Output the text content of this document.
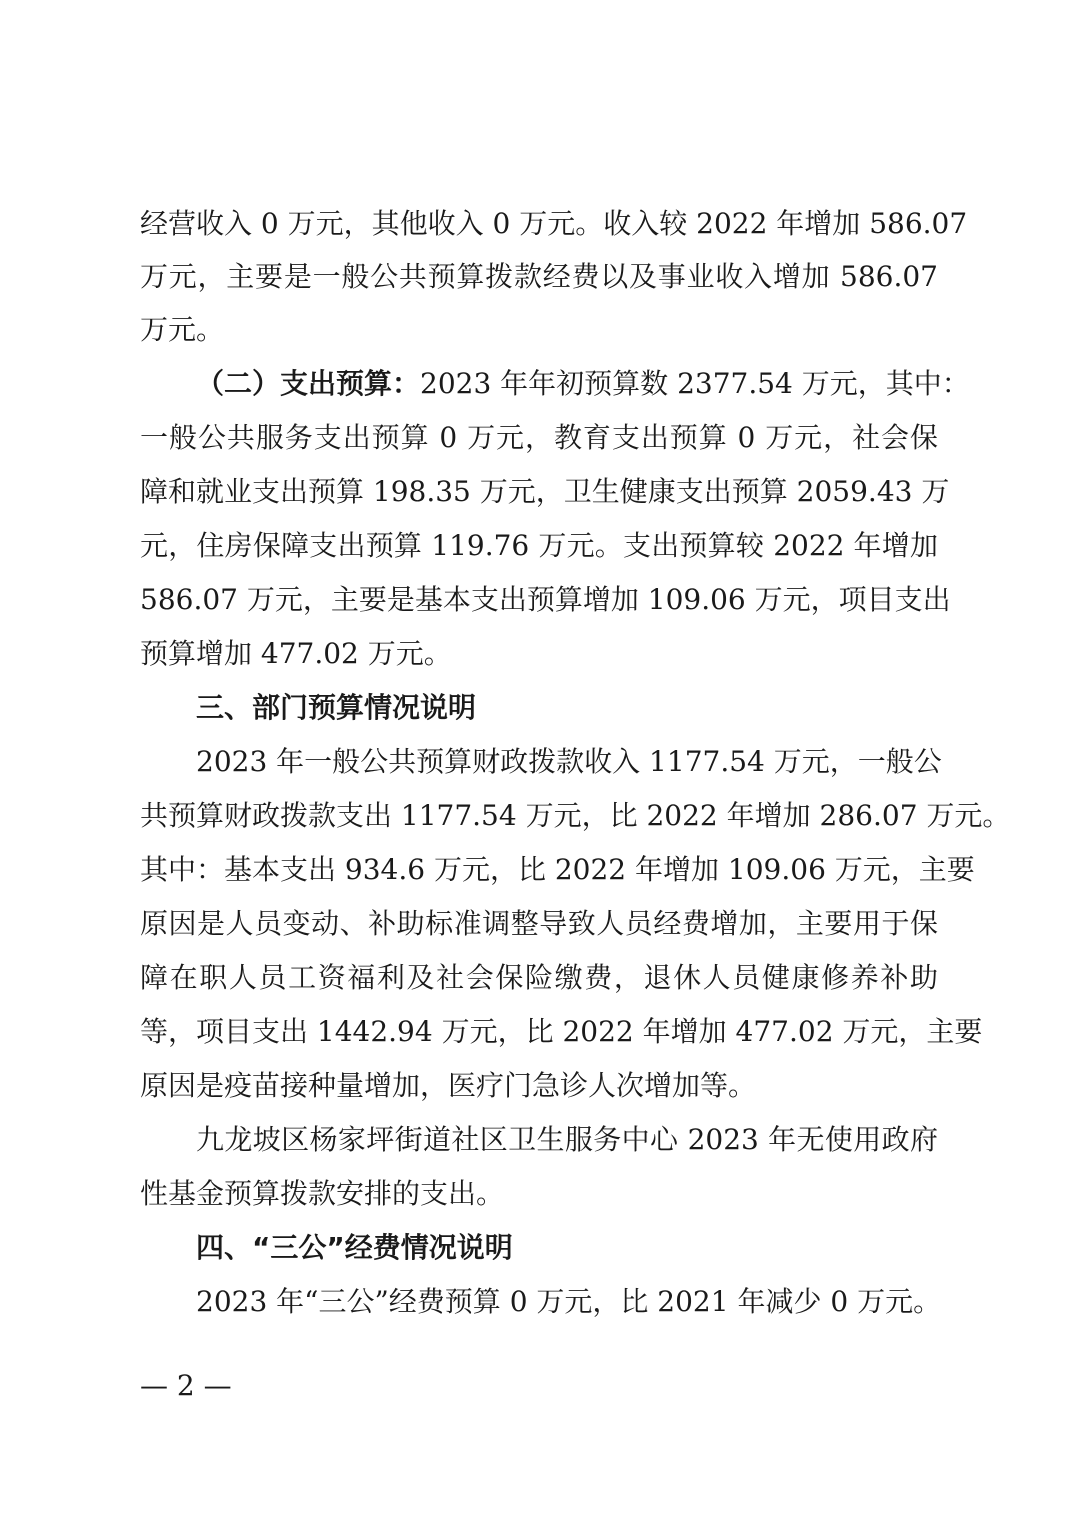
经营收入 0 万元，其他收入 0 万元。收入较 2022 年增加 586.07
万元，主要是一般公共预算拨款经费以及事业收入增加 586.07
万元。
（二）支出预算：2023 年年初预算数 2377.54 万元，其中：
一般公共服务支出预算 0 万元，教育支出预算 0 万元，社会保
障和就业支出预算 198.35 万元，卫生健康支出预算 2059.43 万
元，住房保障支出预算 119.76 万元。支出预算较 2022 年增加
586.07 万元，主要是基本支出预算增加 109.06 万元，项目支出
预算增加 477.02 万元。
三、部门预算情况说明
2023 年一般公共预算财政拨款收入 1177.54 万元，一般公
共预算财政拨款支出 1177.54 万元，比 2022 年增加 286.07 万元。
其中：基本支出 934.6 万元，比 2022 年增加 109.06 万元，主要
原因是人员变动、补助标准调整导致人员经费增加，主要用于保
障在职人员工资福利及社会保险缴费，退休人员健康修养补助
等，项目支出 1442.94 万元，比 2022 年增加 477.02 万元，主要
原因是疫苗接种量增加，医疗门急诊人次增加等。
九龙坡区杨家坪街道社区卫生服务中心 2023 年无使用政府
性基金预算拨款安排的支出。
四、“三公”经费情况说明
2023 年“三公”经费预算 0 万元，比 2021 年减少 0 万元。
— 2 —
